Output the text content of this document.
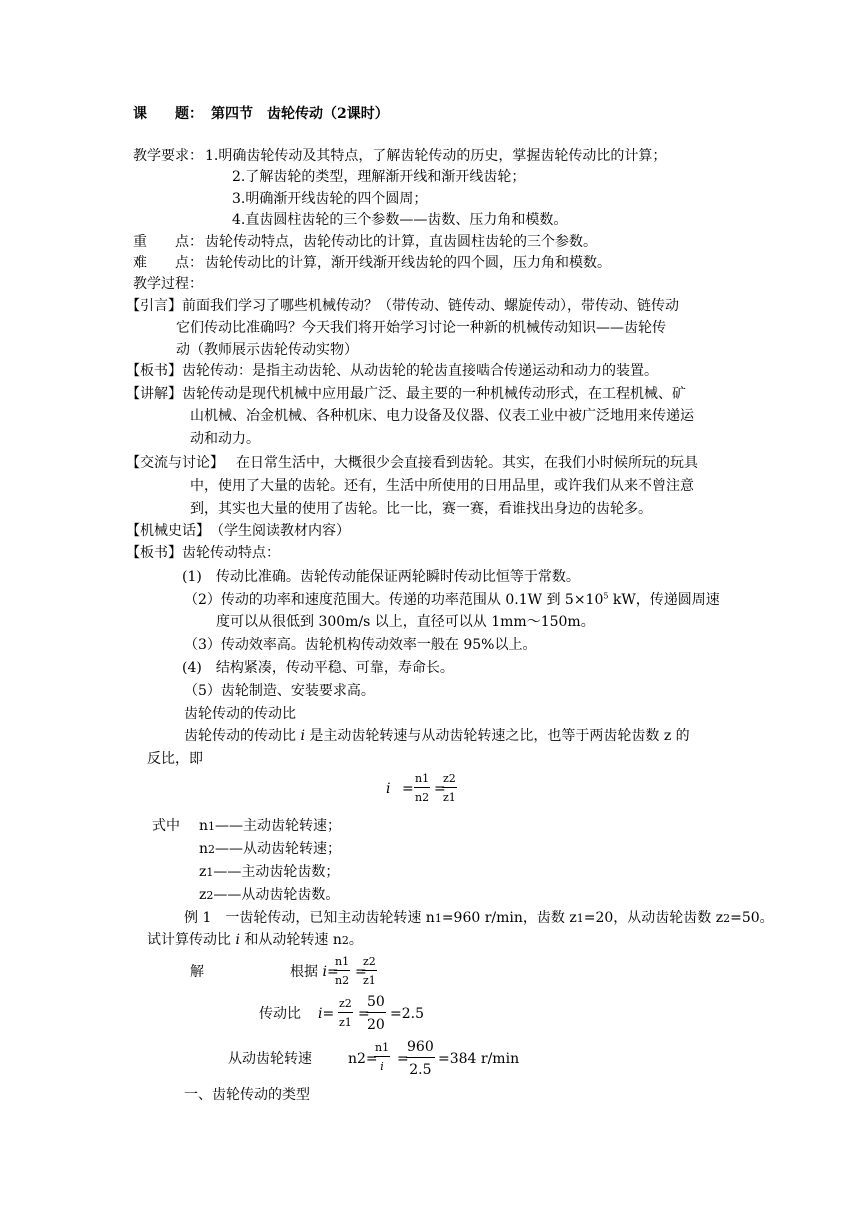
课　　题： 第四节　齿轮传动（2课时）
教学要求： 1.明确齿轮传动及其特点，了解齿轮传动的历史，掌握齿轮传动比的计算；
2.了解齿轮的类型，理解渐开线和渐开线齿轮；
3.明确渐开线齿轮的四个圆周；
4.直齿圆柱齿轮的三个参数——齿数、压力角和模数。
重　　点： 齿轮传动特点，齿轮传动比的计算，直齿圆柱齿轮的三个参数。
难　　点： 齿轮传动比的计算，渐开线渐开线齿轮的四个圆，压力角和模数。
教学过程：
【引言】 前面我们学习了哪些机械传动？（带传动、链传动、螺旋传动），带传动、链传动
它们传动比准确吗？今天我们将开始学习讨论一种新的机械传动知识——齿轮传
动（教师展示齿轮传动实物）
【板书】 齿轮传动：是指主动齿轮、从动齿轮的轮齿直接啮合传递运动和动力的装置。
【讲解】 齿轮传动是现代机械中应用最广泛、最主要的一种机械传动形式，在工程机械、矿
山机械、冶金机械、各种机床、电力设备及仪器、仪表工业中被广泛地用来传递运
动和动力。
【交流与讨论】 在日常生活中，大概很少会直接看到齿轮。其实，在我们小时候所玩的玩具
中，使用了大量的齿轮。还有，生活中所使用的日用品里，或许我们从来不曾注意
到，其实也大量的使用了齿轮。比一比，赛一赛，看谁找出身边的齿轮多。
【机械史话】 （学生阅读教材内容）
【板书】 齿轮传动特点：
(1)　传动比准确。齿轮传动能保证两轮瞬时传动比恒等于常数。
（2）传动的功率和速度范围大。传递的功率范围从 0.1W 到 $5\times 10^5$ kW，传递圆周速
度可以从很低到 300m/s 以上，直径可以从 1mm～150m。
（3）传动效率高。齿轮机构传动效率一般在 95%以上。
(4)　结构紧凑，传动平稳、可靠，寿命长。
（5）齿轮制造、安装要求高。
齿轮传动的传动比
齿轮传动的传动比 i 是主动齿轮转速与从动齿轮转速之比，也等于两齿轮齿数 z 的
反比，即
$i = \frac{n1}{n2}$ =
$\frac{z2}{z1}$
式中 n1——主动齿轮转速；
n2——从动齿轮转速；
z1——主动齿轮齿数；
z2——从动齿轮齿数。
例 1　一齿轮传动，已知主动齿轮转速 n1=960 r/min，齿数 z1=20，从动齿轮齿数 z2=50。
试计算传动比 i 和从动轮转速 n2。
解	根据 i=
$\frac{n1}{n2}$ =
$\frac{z2}{z1}$
传动比 $i= \frac{z2}{z1}$ =
$\frac{50}{20} =2.5$
从动齿轮转速	n2=
$\frac{n1}{i}$ =
$\frac{960}{2.5} =384$ r/min
一、齿轮传动的类型
